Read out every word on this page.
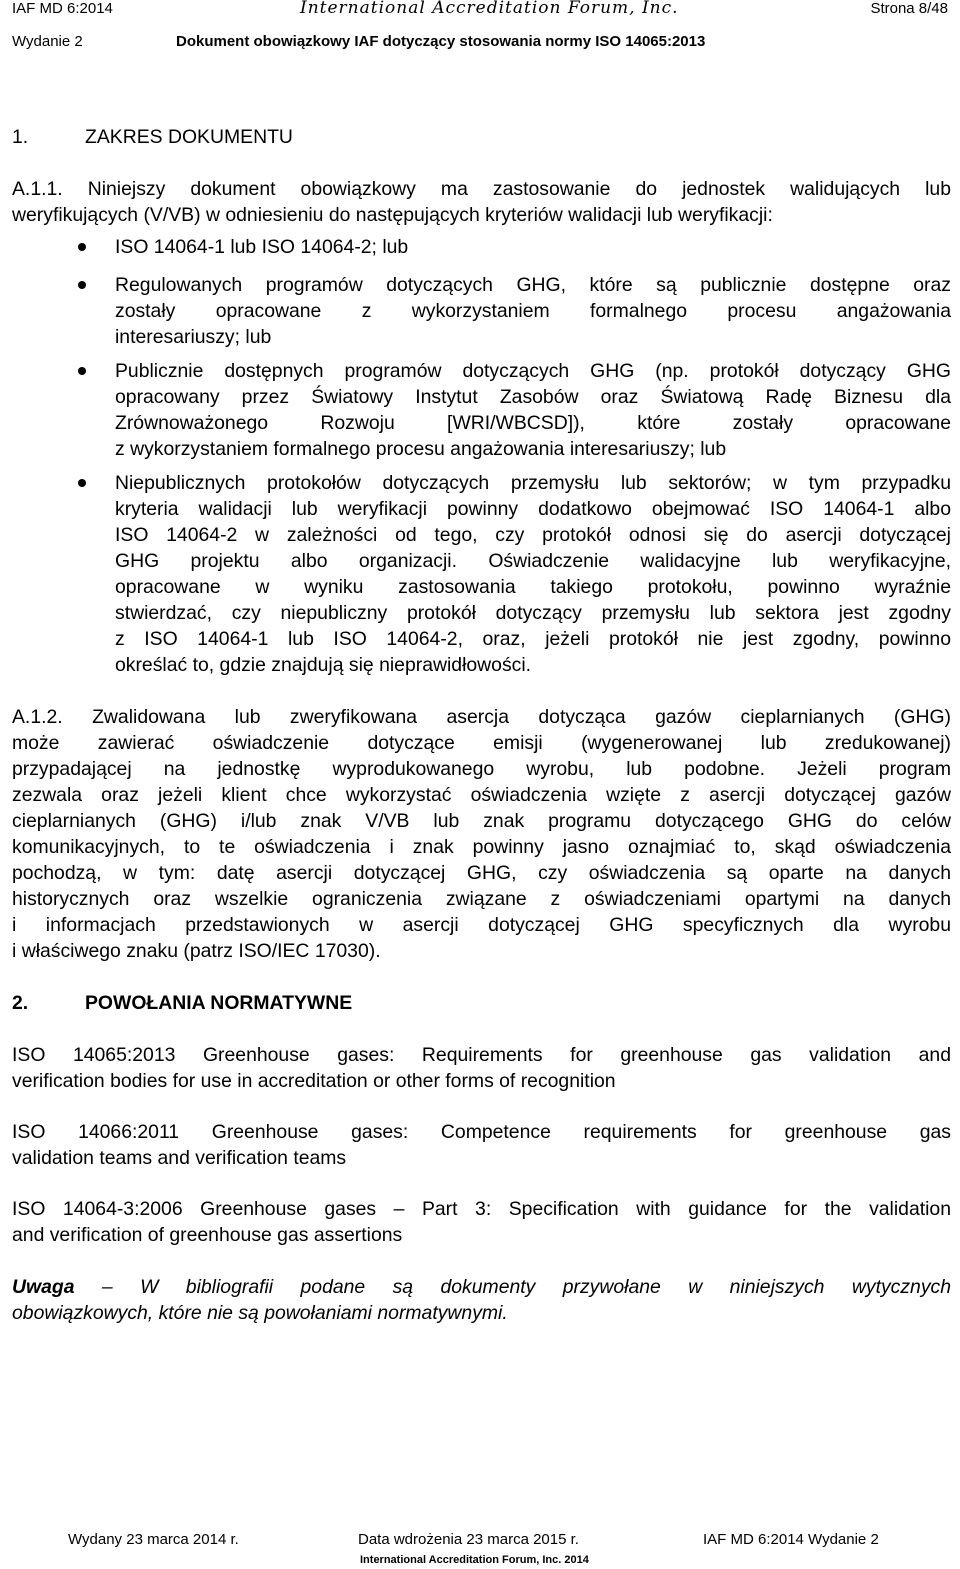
IAF MD 6:2014	International Accreditation Forum, Inc.	Strona 8/48
Wydanie 2	Dokument obowiązkowy IAF dotyczący stosowania normy ISO 14065:2013
1.	ZAKRES DOKUMENTU
A.1.1. Niniejszy dokument obowiązkowy ma zastosowanie do jednostek walidujących lub
weryfikujących (V/VB) w odniesieniu do następujących kryteriów walidacji lub weryfikacji:
ISO 14064-1 lub ISO 14064-2; lub
Regulowanych programów dotyczących GHG, które są publicznie dostępne oraz
zostały opracowane z wykorzystaniem formalnego procesu angażowania
interesariuszy; lub
Publicznie dostępnych programów dotyczących GHG (np. protokół dotyczący GHG
opracowany przez Światowy Instytut Zasobów oraz Światową Radę Biznesu dla
Zrównoważonego Rozwoju [WRI/WBCSD]), które zostały opracowane
z wykorzystaniem formalnego procesu angażowania interesariuszy; lub
Niepublicznych protokołów dotyczących przemysłu lub sektorów; w tym przypadku
kryteria walidacji lub weryfikacji powinny dodatkowo obejmować ISO 14064-1 albo
ISO 14064-2 w zależności od tego, czy protokół odnosi się do asercji dotyczącej
GHG projektu albo organizacji. Oświadczenie walidacyjne lub weryfikacyjne,
opracowane w wyniku zastosowania takiego protokołu, powinno wyraźnie
stwierdzać, czy niepubliczny protokół dotyczący przemysłu lub sektora jest zgodny
z ISO 14064-1 lub ISO 14064-2, oraz, jeżeli protokół nie jest zgodny, powinno
określać to, gdzie znajdują się nieprawidłowości.
A.1.2. Zwalidowana lub zweryfikowana asercja dotycząca gazów cieplarnianych (GHG)
może zawierać oświadczenie dotyczące emisji (wygenerowanej lub zredukowanej)
przypadającej na jednostkę wyprodukowanego wyrobu, lub podobne. Jeżeli program
zezwala oraz jeżeli klient chce wykorzystać oświadczenia wzięte z asercji dotyczącej gazów
cieplarnianych (GHG) i/lub znak V/VB lub znak programu dotyczącego GHG do celów
komunikacyjnych, to te oświadczenia i znak powinny jasno oznajmiać to, skąd oświadczenia
pochodzą, w tym: datę asercji dotyczącej GHG, czy oświadczenia są oparte na danych
historycznych oraz wszelkie ograniczenia związane z oświadczeniami opartymi na danych
i informacjach przedstawionych w asercji dotyczącej GHG specyficznych dla wyrobu
i właściwego znaku (patrz ISO/IEC 17030).
2.	POWOŁANIA NORMATYWNE
ISO 14065:2013 Greenhouse gases: Requirements for greenhouse gas validation and
verification bodies for use in accreditation or other forms of recognition
ISO 14066:2011 Greenhouse gases: Competence requirements for greenhouse gas
validation teams and verification teams
ISO 14064-3:2006 Greenhouse gases – Part 3: Specification with guidance for the validation
and verification of greenhouse gas assertions
Uwaga – W bibliografii podane są dokumenty przywołane w niniejszych wytycznych
obowiązkowych, które nie są powołaniami normatywnymi.
Wydany 23 marca 2014 r.	Data wdrożenia 23 marca 2015 r.	IAF MD 6:2014 Wydanie 2
International Accreditation Forum, Inc. 2014
